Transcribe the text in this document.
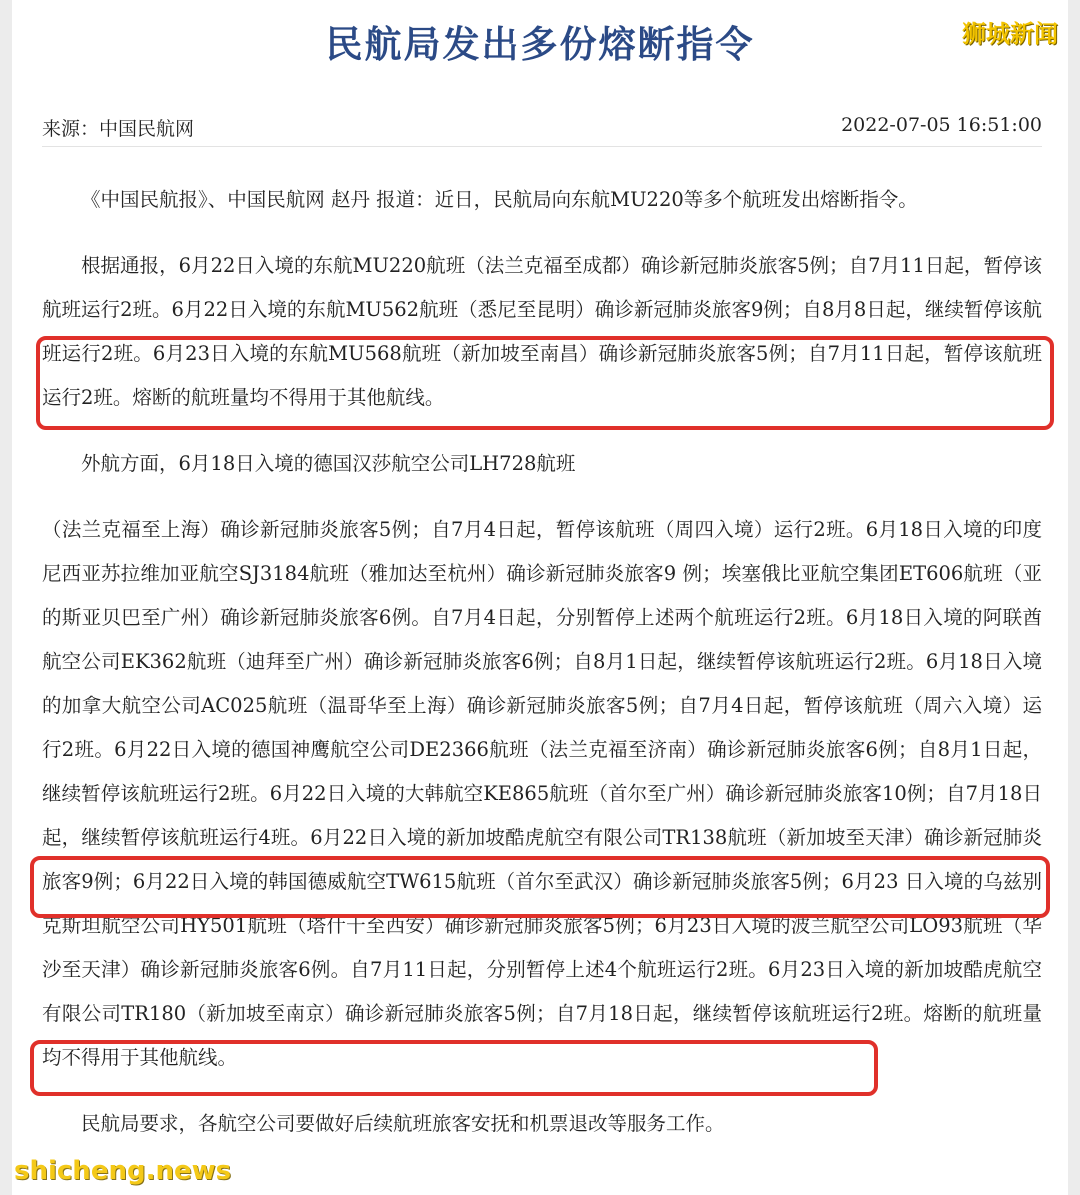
民航局发出多份熔断指令
来源：中国民航网	2022-07-05 16:51:00

《中国民航报》、中国民航网 赵丹 报道：近日，民航局向东航MU220等多个航班发出熔断指令。

根据通报，6月22日入境的东航MU220航班（法兰克福至成都）确诊新冠肺炎旅客5例；自7月11日起，暂停该航班运行2班。6月22日入境的东航MU562航班（悉尼至昆明）确诊新冠肺炎旅客9例；自8月8日起，继续暂停该航班运行2班。6月23日入境的东航MU568航班（新加坡至南昌）确诊新冠肺炎旅客5例；自7月11日起，暂停该航班运行2班。熔断的航班量均不得用于其他航线。

外航方面，6月18日入境的德国汉莎航空公司LH728航班

（法兰克福至上海）确诊新冠肺炎旅客5例；自7月4日起，暂停该航班（周四入境）运行2班。6月18日入境的印度尼西亚苏拉维加亚航空SJ3184航班（雅加达至杭州）确诊新冠肺炎旅客9 例；埃塞俄比亚航空集团ET606航班（亚的斯亚贝巴至广州）确诊新冠肺炎旅客6例。自7月4日起，分别暂停上述两个航班运行2班。6月18日入境的阿联酋航空公司EK362航班（迪拜至广州）确诊新冠肺炎旅客6例；自8月1日起，继续暂停该航班运行2班。6月18日入境的加拿大航空公司AC025航班（温哥华至上海）确诊新冠肺炎旅客5例；自7月4日起，暂停该航班（周六入境）运行2班。6月22日入境的德国神鹰航空公司DE2366航班（法兰克福至济南）确诊新冠肺炎旅客6例；自8月1日起，继续暂停该航班运行2班。6月22日入境的大韩航空KE865航班（首尔至广州）确诊新冠肺炎旅客10例；自7月18日起，继续暂停该航班运行4班。6月22日入境的新加坡酷虎航空有限公司TR138航班（新加坡至天津）确诊新冠肺炎旅客9例；6月22日入境的韩国德威航空TW615航班（首尔至武汉）确诊新冠肺炎旅客5例；6月23 日入境的乌兹别克斯坦航空公司HY501航班（塔什干至西安）确诊新冠肺炎旅客5例；6月23日入境的波兰航空公司LO93航班（华沙至天津）确诊新冠肺炎旅客6例。自7月11日起，分别暂停上述4个航班运行2班。6月23日入境的新加坡酷虎航空有限公司TR180（新加坡至南京）确诊新冠肺炎旅客5例；自7月18日起，继续暂停该航班运行2班。熔断的航班量均不得用于其他航线。

民航局要求，各航空公司要做好后续航班旅客安抚和机票退改等服务工作。

狮城新闻
shicheng.news
